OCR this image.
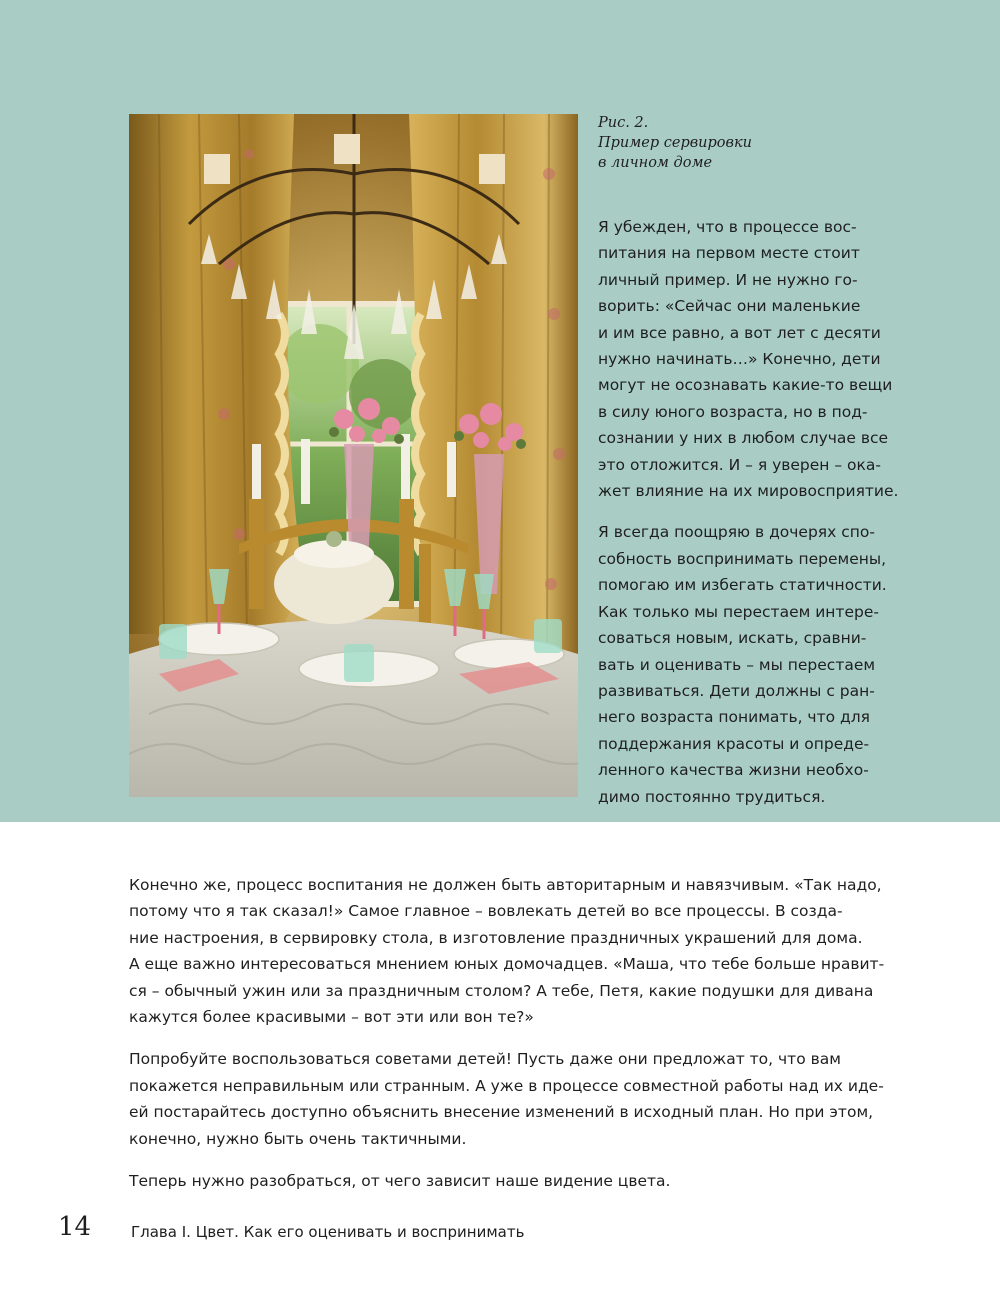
Рис. 2.
Пример сервировки
в личном доме
Я убежден, что в процессе вос-
питания на первом месте стоит
личный пример. И не нужно го-
ворить: «Сейчас они маленькие
и им все равно, а вот лет с десяти
нужно начинать…» Конечно, дети
могут не осознавать какие-то вещи
в силу юного возраста, но в под-
сознании у них в любом случае все
это отложится. И – я уверен – ока-
жет влияние на их мировосприятие.
Я всегда поощряю в дочерях спо-
собность воспринимать перемены,
помогаю им избегать статичности.
Как только мы перестаем интере-
соваться новым, искать, сравни-
вать и оценивать – мы перестаем
развиваться. Дети должны с ран-
него возраста понимать, что для
поддержания красоты и опреде-
ленного качества жизни необхо-
димо постоянно трудиться.
Конечно же, процесс воспитания не должен быть авторитарным и навязчивым. «Так надо,
потому что я так сказал!» Самое главное – вовлекать детей во все процессы. В созда-
ние настроения, в сервировку стола, в изготовление праздничных украшений для дома.
А еще важно интересоваться мнением юных домочадцев. «Маша, что тебе больше нравит-
ся – обычный ужин или за праздничным столом? А тебе, Петя, какие подушки для дивана
кажутся более красивыми – вот эти или вон те?»
Попробуйте воспользоваться советами детей! Пусть даже они предложат то, что вам
покажется неправильным или странным. А уже в процессе совместной работы над их иде-
ей постарайтесь доступно объяснить внесение изменений в исходный план. Но при этом,
конечно, нужно быть очень тактичными.
Теперь нужно разобраться, от чего зависит наше видение цвета.
14	Глава I. Цвет. Как его оценивать и воспринимать
